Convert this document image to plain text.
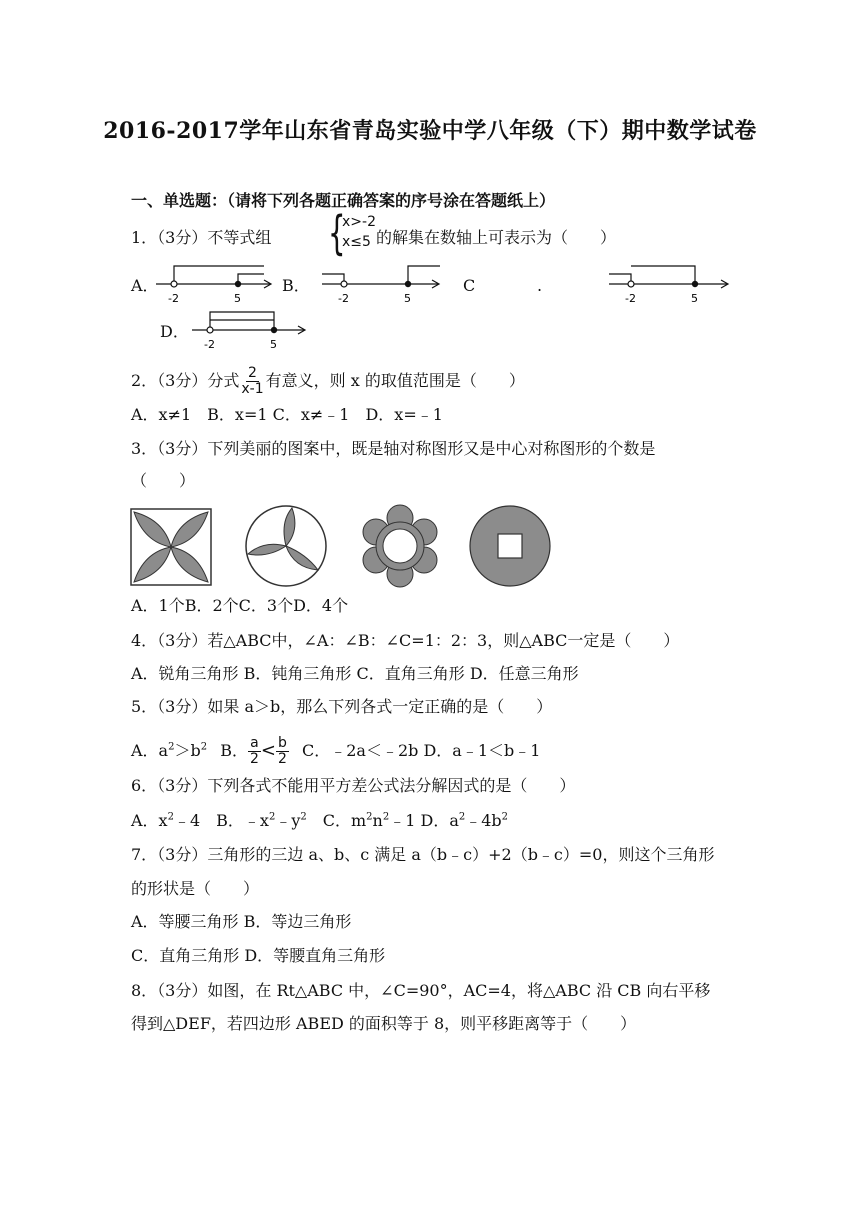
2016-2017学年山东省青岛实验中学八年级（下）期中数学试卷
一、单选题：（请将下列各题正确答案的序号涂在答题纸上）
1．（3分）不等式组 {
x>-2
x≤5 的解集在数轴上可表示为（　　）
A．
-2	5
B．
-2	5
C	.
-2	5
D．
-2	5
2．（3分）分式 $\frac{2}{x-1}$ 有意义，则 x 的取值范围是（　　）
A．x≠1　B．x=1 C．x≠﹣1　D．x=﹣1
3．（3分）下列美丽的图案中，既是轴对称图形又是中心对称图形的个数是
（　　）
A．1个B．2个C．3个D．4个
4．（3分）若△ABC中，∠A：∠B：∠C=1：2：3，则△ABC一定是（　　）
A．锐角三角形 B．钝角三角形 C．直角三角形 D．任意三角形
5．（3分）如果 a＞b，那么下列各式一定正确的是（　　）
A．$a^2>b^2$ B． $\frac{a}{2} < \frac{b}{2}$ C．﹣2a＜﹣2b D．a﹣1＜b﹣1
6．（3分）下列各式不能用平方差公式法分解因式的是（　　）
A．$x^2﹣4$　B．$﹣x^2﹣y^2$　C．$m^2n^2﹣1$ D．$a^2﹣4b^2$
7．（3分）三角形的三边 a、b、c 满足 a（b﹣c）+2（b﹣c）=0，则这个三角形
的形状是（　　）
A．等腰三角形 B．等边三角形
C．直角三角形 D．等腰直角三角形
8．（3分）如图，在 Rt△ABC 中，∠C=90°，AC=4，将△ABC 沿 CB 向右平移
得到△DEF，若四边形 ABED 的面积等于 8，则平移距离等于（　　）
